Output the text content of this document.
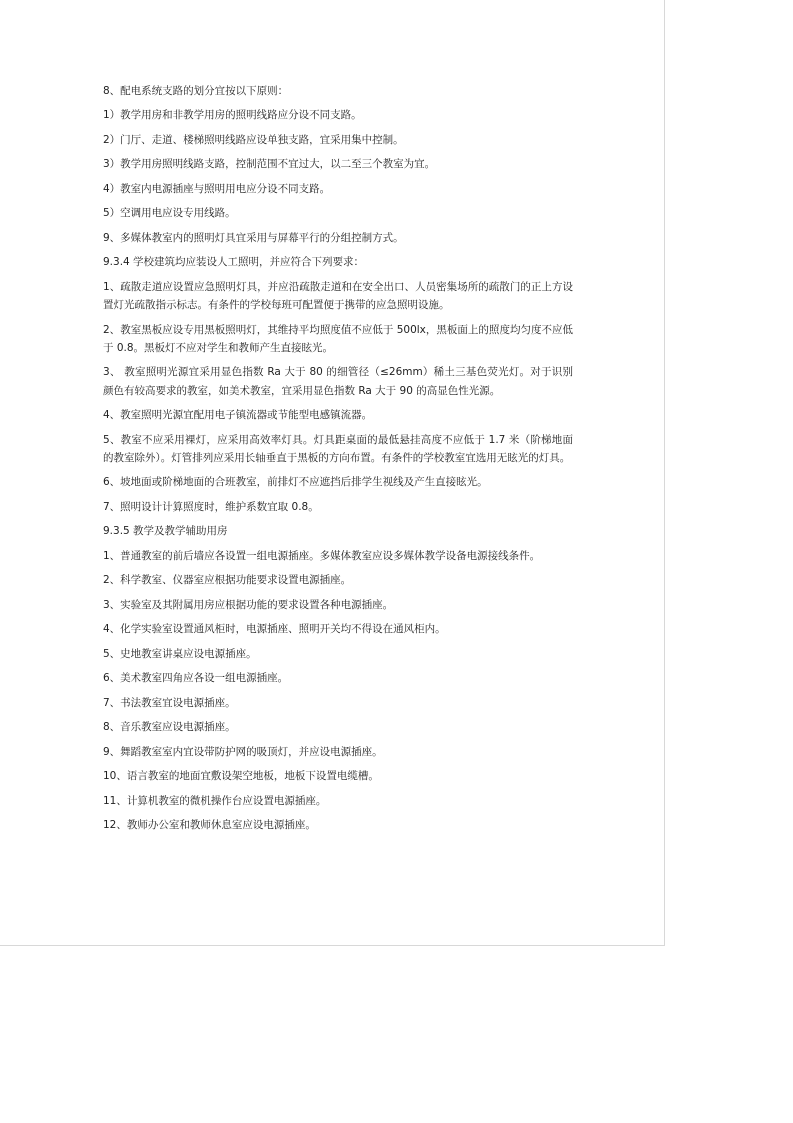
8、配电系统支路的划分宜按以下原则：

1）教学用房和非教学用房的照明线路应分设不同支路。

2）门厅、走道、楼梯照明线路应设单独支路，宜采用集中控制。

3）教学用房照明线路支路，控制范围不宜过大，以二至三个教室为宜。

4）教室内电源插座与照明用电应分设不同支路。

5）空调用电应设专用线路。

9、多媒体教室内的照明灯具宜采用与屏幕平行的分组控制方式。

9.3.4 学校建筑均应装设人工照明，并应符合下列要求：

1、疏散走道应设置应急照明灯具，并应沿疏散走道和在安全出口、人员密集场所的疏散门的正上方设置灯光疏散指示标志。有条件的学校每班可配置便于携带的应急照明设施。

2、教室黑板应设专用黑板照明灯，其维持平均照度值不应低于 500lx，黑板面上的照度均匀度不应低于 0.8。黑板灯不应对学生和教师产生直接眩光。

3、 教室照明光源宜采用显色指数 Ra 大于 80 的细管径（≤26mm）稀土三基色荧光灯。对于识别颜色有较高要求的教室，如美术教室，宜采用显色指数 Ra 大于 90 的高显色性光源。

4、教室照明光源宜配用电子镇流器或节能型电感镇流器。

5、教室不应采用裸灯，应采用高效率灯具。灯具距桌面的最低悬挂高度不应低于 1.7 米（阶梯地面的教室除外）。灯管排列应采用长轴垂直于黑板的方向布置。有条件的学校教室宜选用无眩光的灯具。

6、坡地面或阶梯地面的合班教室，前排灯不应遮挡后排学生视线及产生直接眩光。

7、照明设计计算照度时，维护系数宜取 0.8。

9.3.5 教学及教学辅助用房

1、普通教室的前后墙应各设置一组电源插座。多媒体教室应设多媒体教学设备电源接线条件。

2、科学教室、仪器室应根据功能要求设置电源插座。

3、实验室及其附属用房应根据功能的要求设置各种电源插座。

4、化学实验室设置通风柜时，电源插座、照明开关均不得设在通风柜内。

5、史地教室讲桌应设电源插座。

6、美术教室四角应各设一组电源插座。

7、书法教室宜设电源插座。

8、音乐教室应设电源插座。

9、舞蹈教室室内宜设带防护网的吸顶灯，并应设电源插座。

10、语言教室的地面宜敷设架空地板，地板下设置电缆槽。

11、计算机教室的微机操作台应设置电源插座。

12、教师办公室和教师休息室应设电源插座。
